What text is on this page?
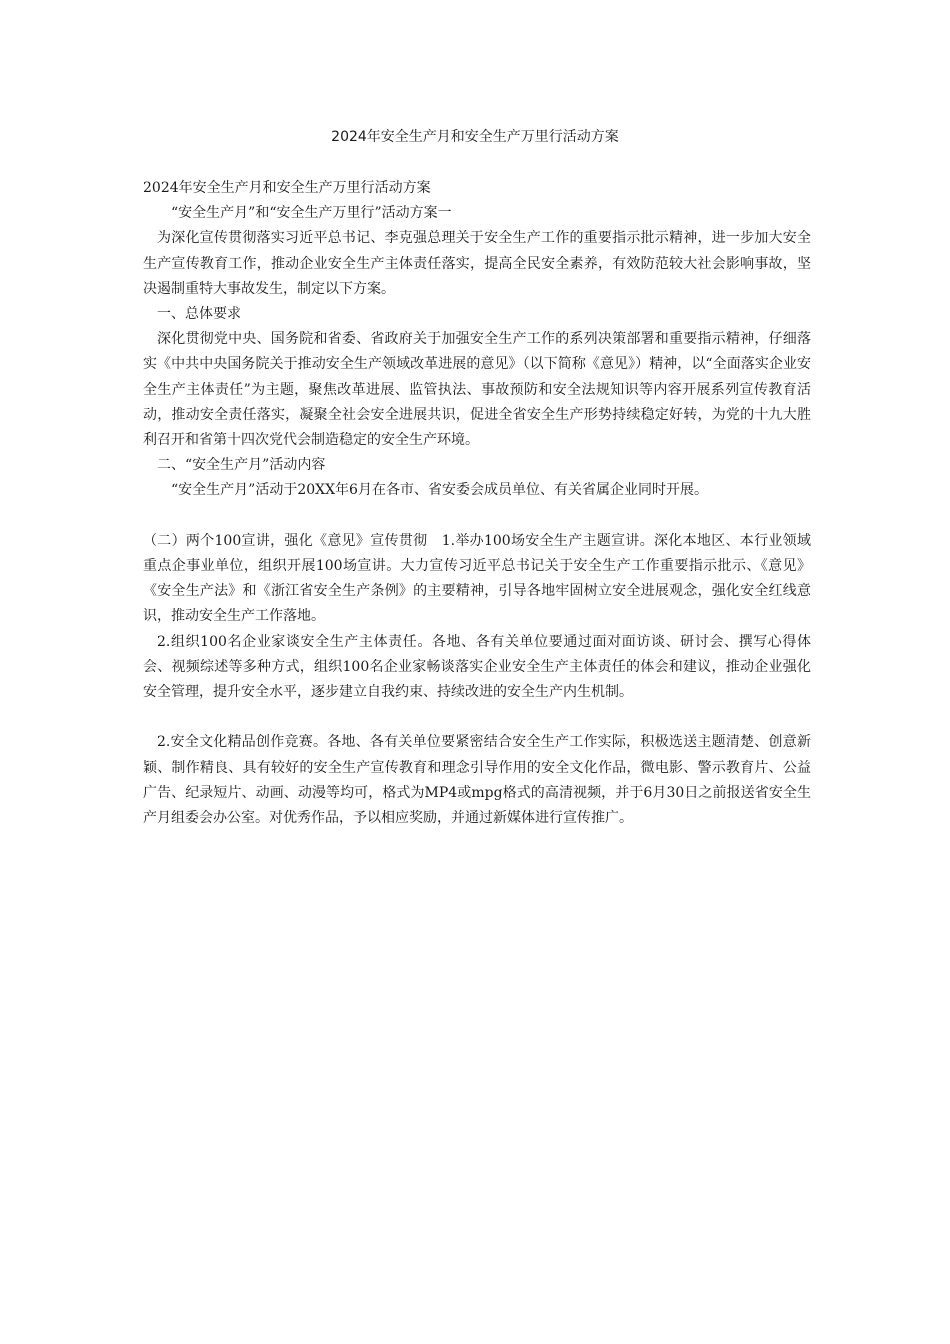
2024年安全生产月和安全生产万里行活动方案

2024年安全生产月和安全生产万里行活动方案

“安全生产月”和“安全生产万里行”活动方案一

为深化宣传贯彻落实习近平总书记、李克强总理关于安全生产工作的重要指示批示精神，进一步加大安全生产宣传教育工作，推动企业安全生产主体责任落实，提高全民安全素养，有效防范较大社会影响事故，坚决遏制重特大事故发生，制定以下方案。

一、总体要求

深化贯彻党中央、国务院和省委、省政府关于加强安全生产工作的系列决策部署和重要指示精神，仔细落实《中共中央国务院关于推动安全生产领域改革进展的意见》（以下简称《意见》）精神，以“全面落实企业安全生产主体责任”为主题，聚焦改革进展、监管执法、事故预防和安全法规知识等内容开展系列宣传教育活动，推动安全责任落实，凝聚全社会安全进展共识，促进全省安全生产形势持续稳定好转，为党的十九大胜利召开和省第十四次党代会制造稳定的安全生产环境。

二、“安全生产月”活动内容

“安全生产月”活动于20XX年6月在各市、省安委会成员单位、有关省属企业同时开展。

（二）两个100宣讲，强化《意见》宣传贯彻　1.举办100场安全生产主题宣讲。深化本地区、本行业领域重点企事业单位，组织开展100场宣讲。大力宣传习近平总书记关于安全生产工作重要指示批示、《意见》《安全生产法》和《浙江省安全生产条例》的主要精神，引导各地牢固树立安全进展观念，强化安全红线意识，推动安全生产工作落地。

2.组织100名企业家谈安全生产主体责任。各地、各有关单位要通过面对面访谈、研讨会、撰写心得体会、视频综述等多种方式，组织100名企业家畅谈落实企业安全生产主体责任的体会和建议，推动企业强化安全管理，提升安全水平，逐步建立自我约束、持续改进的安全生产内生机制。

2.安全文化精品创作竞赛。各地、各有关单位要紧密结合安全生产工作实际，积极选送主题清楚、创意新颖、制作精良、具有较好的安全生产宣传教育和理念引导作用的安全文化作品，微电影、警示教育片、公益广告、纪录短片、动画、动漫等均可，格式为MP4或mpg格式的高清视频，并于6月30日之前报送省安全生产月组委会办公室。对优秀作品，予以相应奖励，并通过新媒体进行宣传推广。
